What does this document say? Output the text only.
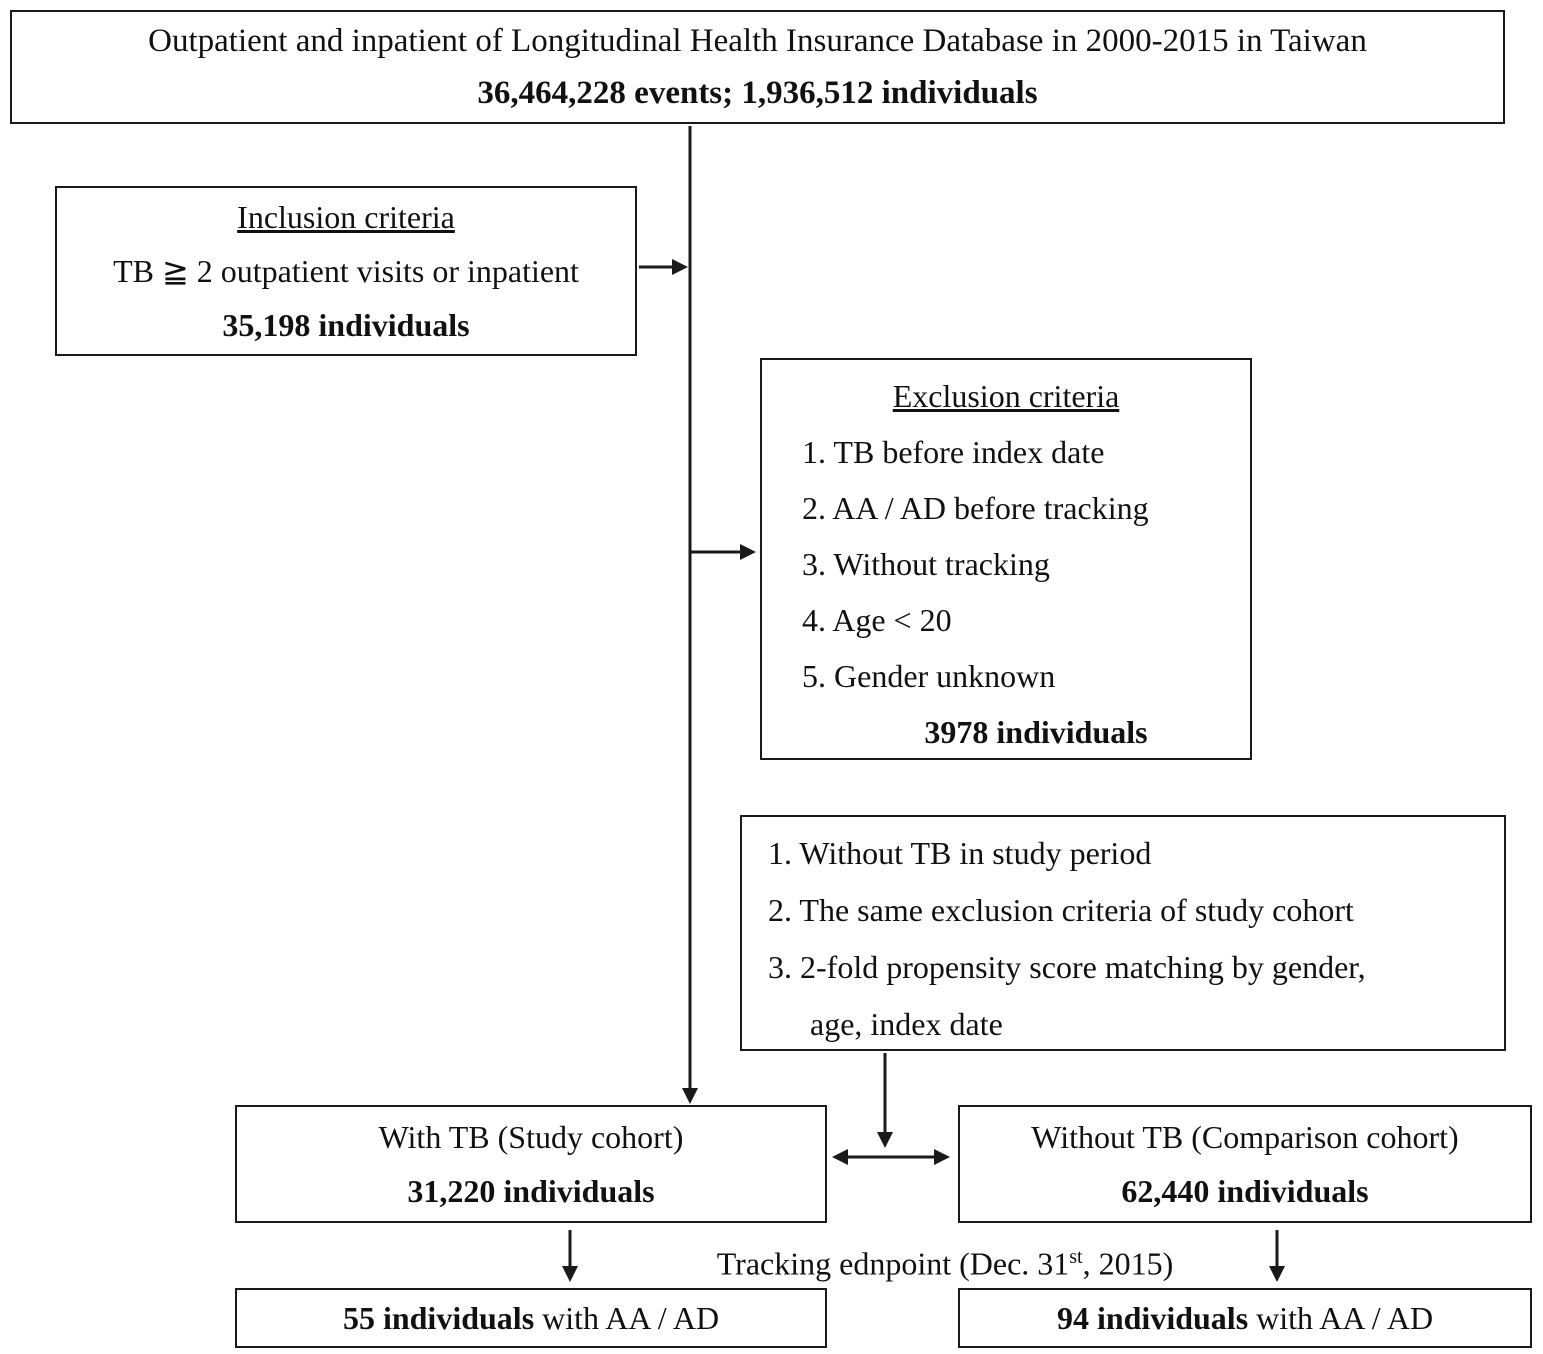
Outpatient and inpatient of Longitudinal Health Insurance Database in 2000-2015 in Taiwan
36,464,228 events; 1,936,512 individuals
Inclusion criteria
TB ≧ 2 outpatient visits or inpatient
35,198 individuals
Exclusion criteria
1. TB before index date
2. AA / AD before tracking
3. Without tracking
4. Age < 20
5. Gender unknown
3978 individuals
1. Without TB in study period
2. The same exclusion criteria of study cohort
3. 2-fold propensity score matching by gender,
age, index date
With TB (Study cohort)
31,220 individuals
Without TB (Comparison cohort)
62,440 individuals
Tracking ednpoint (Dec. 31st, 2015)
55 individuals with AA / AD	94 individuals with AA / AD
